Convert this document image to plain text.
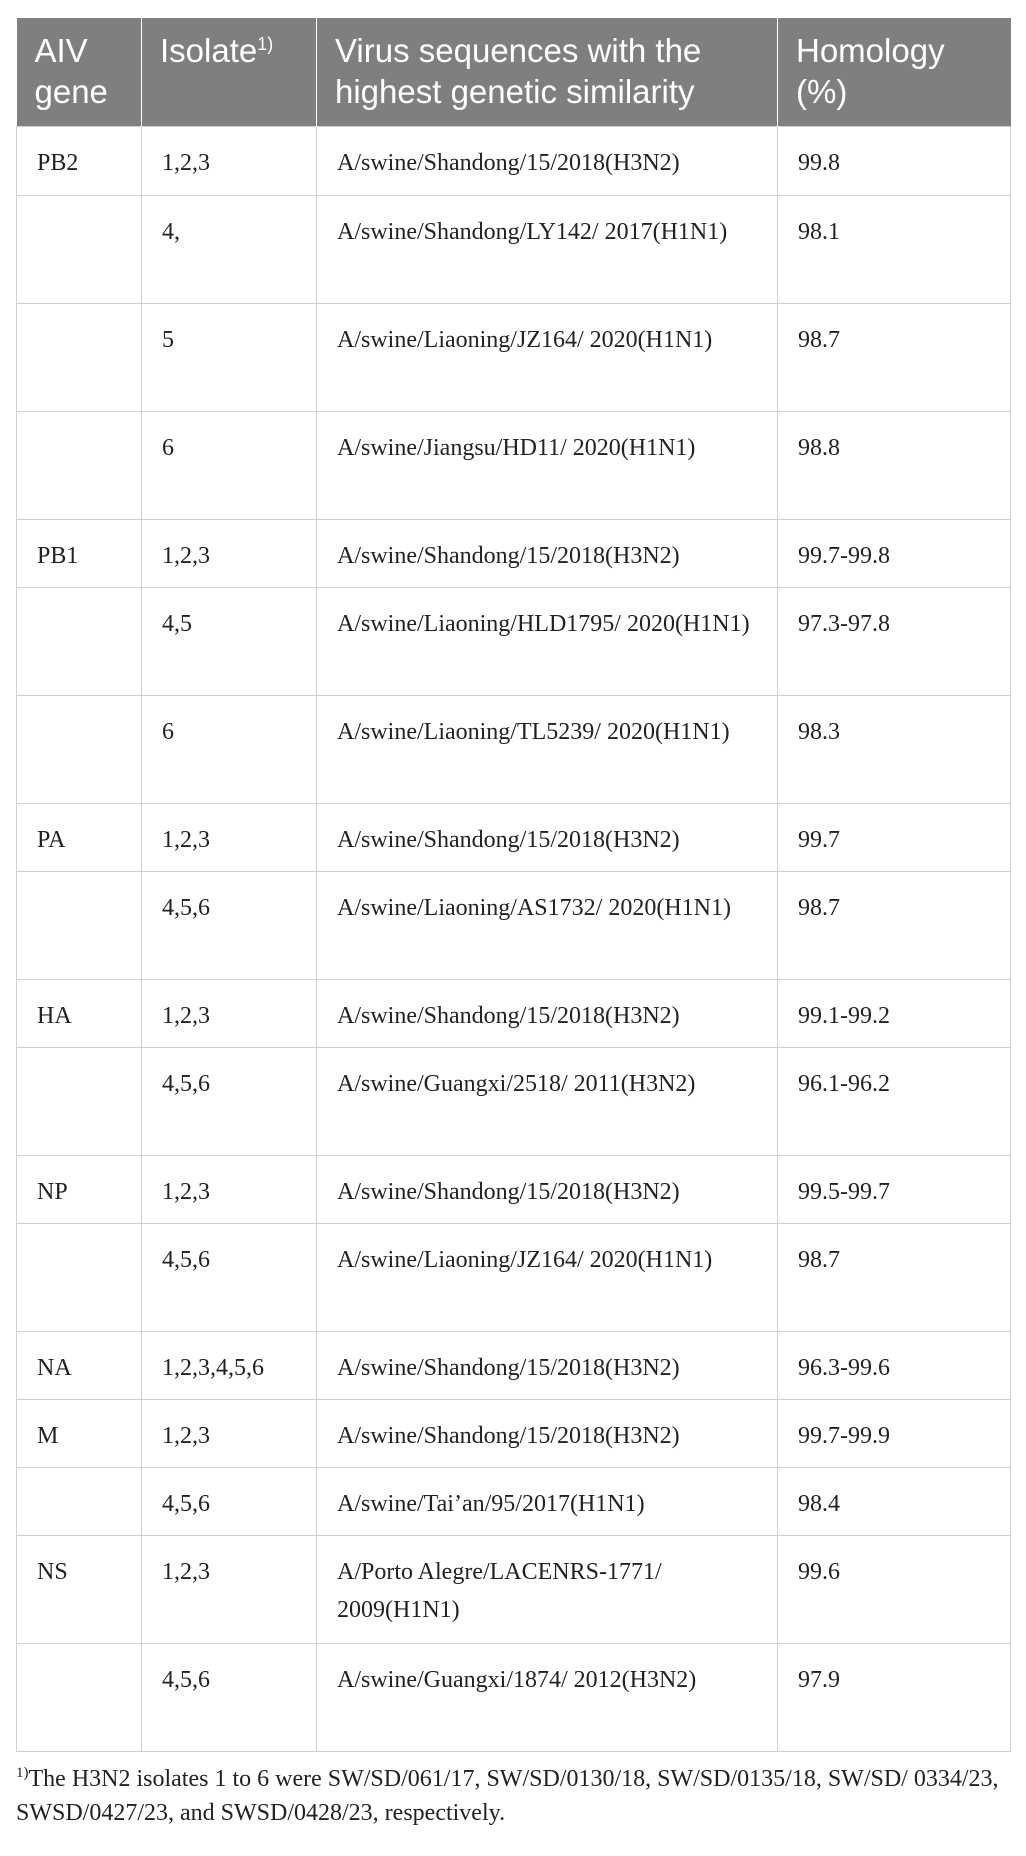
AIV gene	Isolate$^{1)}$	Virus sequences with the highest genetic similarity	Homology (%)
PB2	1,2,3	A/swine/Shandong/15/2018(H3N2)	99.8
	4,	A/swine/Shandong/LY142/ 2017(H1N1)	98.1
	5	A/swine/Liaoning/JZ164/ 2020(H1N1)	98.7
	6	A/swine/Jiangsu/HD11/ 2020(H1N1)	98.8
PB1	1,2,3	A/swine/Shandong/15/2018(H3N2)	99.7-99.8
	4,5	A/swine/Liaoning/HLD1795/ 2020(H1N1)	97.3-97.8
	6	A/swine/Liaoning/TL5239/ 2020(H1N1)	98.3
PA	1,2,3	A/swine/Shandong/15/2018(H3N2)	99.7
	4,5,6	A/swine/Liaoning/AS1732/ 2020(H1N1)	98.7
HA	1,2,3	A/swine/Shandong/15/2018(H3N2)	99.1-99.2
	4,5,6	A/swine/Guangxi/2518/ 2011(H3N2)	96.1-96.2
NP	1,2,3	A/swine/Shandong/15/2018(H3N2)	99.5-99.7
	4,5,6	A/swine/Liaoning/JZ164/ 2020(H1N1)	98.7
NA	1,2,3,4,5,6	A/swine/Shandong/15/2018(H3N2)	96.3-99.6
M	1,2,3	A/swine/Shandong/15/2018(H3N2)	99.7-99.9
	4,5,6	A/swine/Tai’an/95/2017(H1N1)	98.4
NS	1,2,3	A/Porto Alegre/LACENRS-1771/ 2009(H1N1)	99.6
	4,5,6	A/swine/Guangxi/1874/ 2012(H3N2)	97.9
$^{1)}$The H3N2 isolates 1 to 6 were SW/SD/061/17, SW/SD/0130/18, SW/SD/0135/18, SW/SD/ 0334/23, SWSD/0427/23, and SWSD/0428/23, respectively.
